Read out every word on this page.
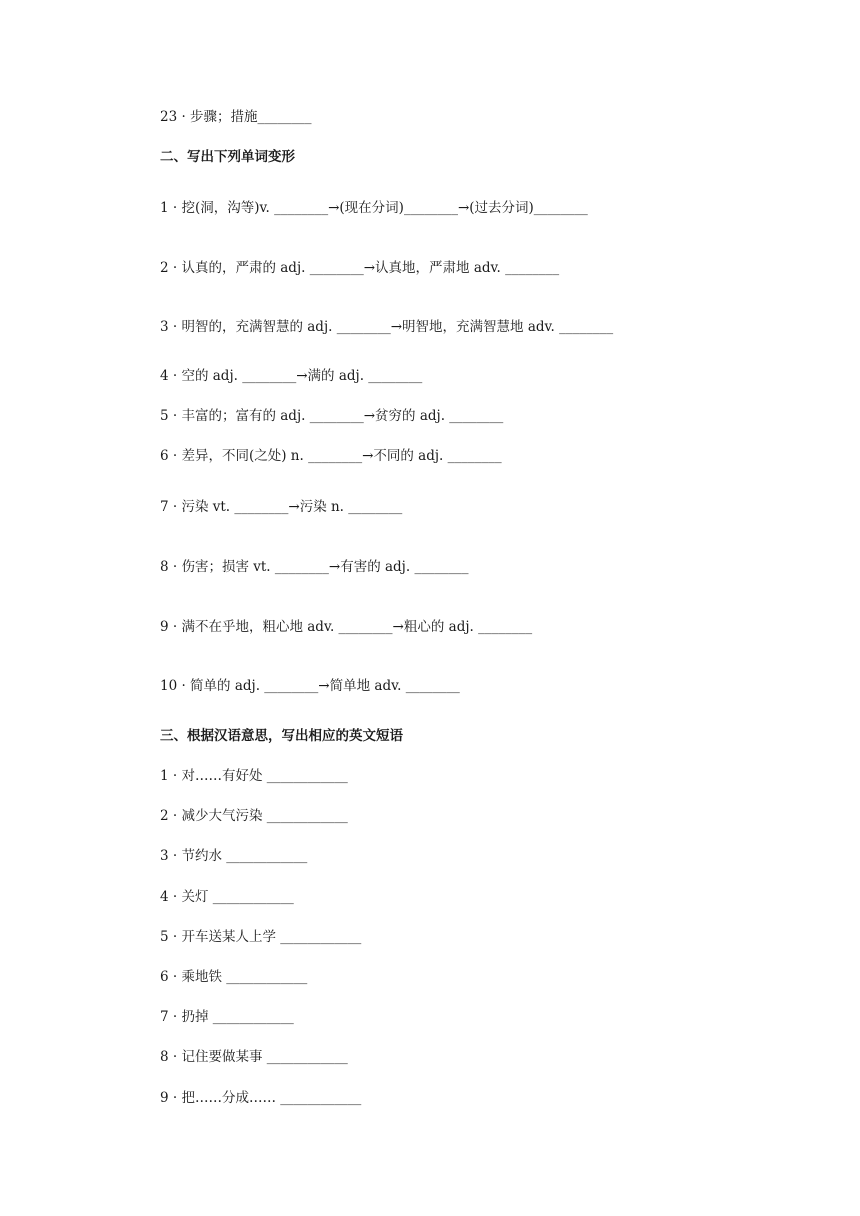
23 · 步骤；措施________
二、写出下列单词变形
1 · 挖(洞，沟等)v. ________→(现在分词)________→(过去分词)________
2 · 认真的，严肃的 adj. ________→认真地，严肃地 adv. ________
3 · 明智的，充满智慧的 adj. ________→明智地，充满智慧地 adv. ________
4 · 空的 adj. ________→满的 adj. ________
5 · 丰富的；富有的 adj. ________→贫穷的 adj. ________
6 · 差异，不同(之处) n. ________→不同的 adj. ________
7 · 污染 vt. ________→污染 n. ________
8 · 伤害；损害 vt. ________→有害的 adj. ________
9 · 满不在乎地，粗心地 adv. ________→粗心的 adj. ________
10 · 简单的 adj. ________→简单地 adv. ________
三、根据汉语意思，写出相应的英文短语
1 · 对……有好处 ____________
2 · 减少大气污染 ____________
3 · 节约水 ____________
4 · 关灯 ____________
5 · 开车送某人上学 ____________
6 · 乘地铁 ____________
7 · 扔掉 ____________
8 · 记住要做某事 ____________
9 · 把……分成…… ____________
